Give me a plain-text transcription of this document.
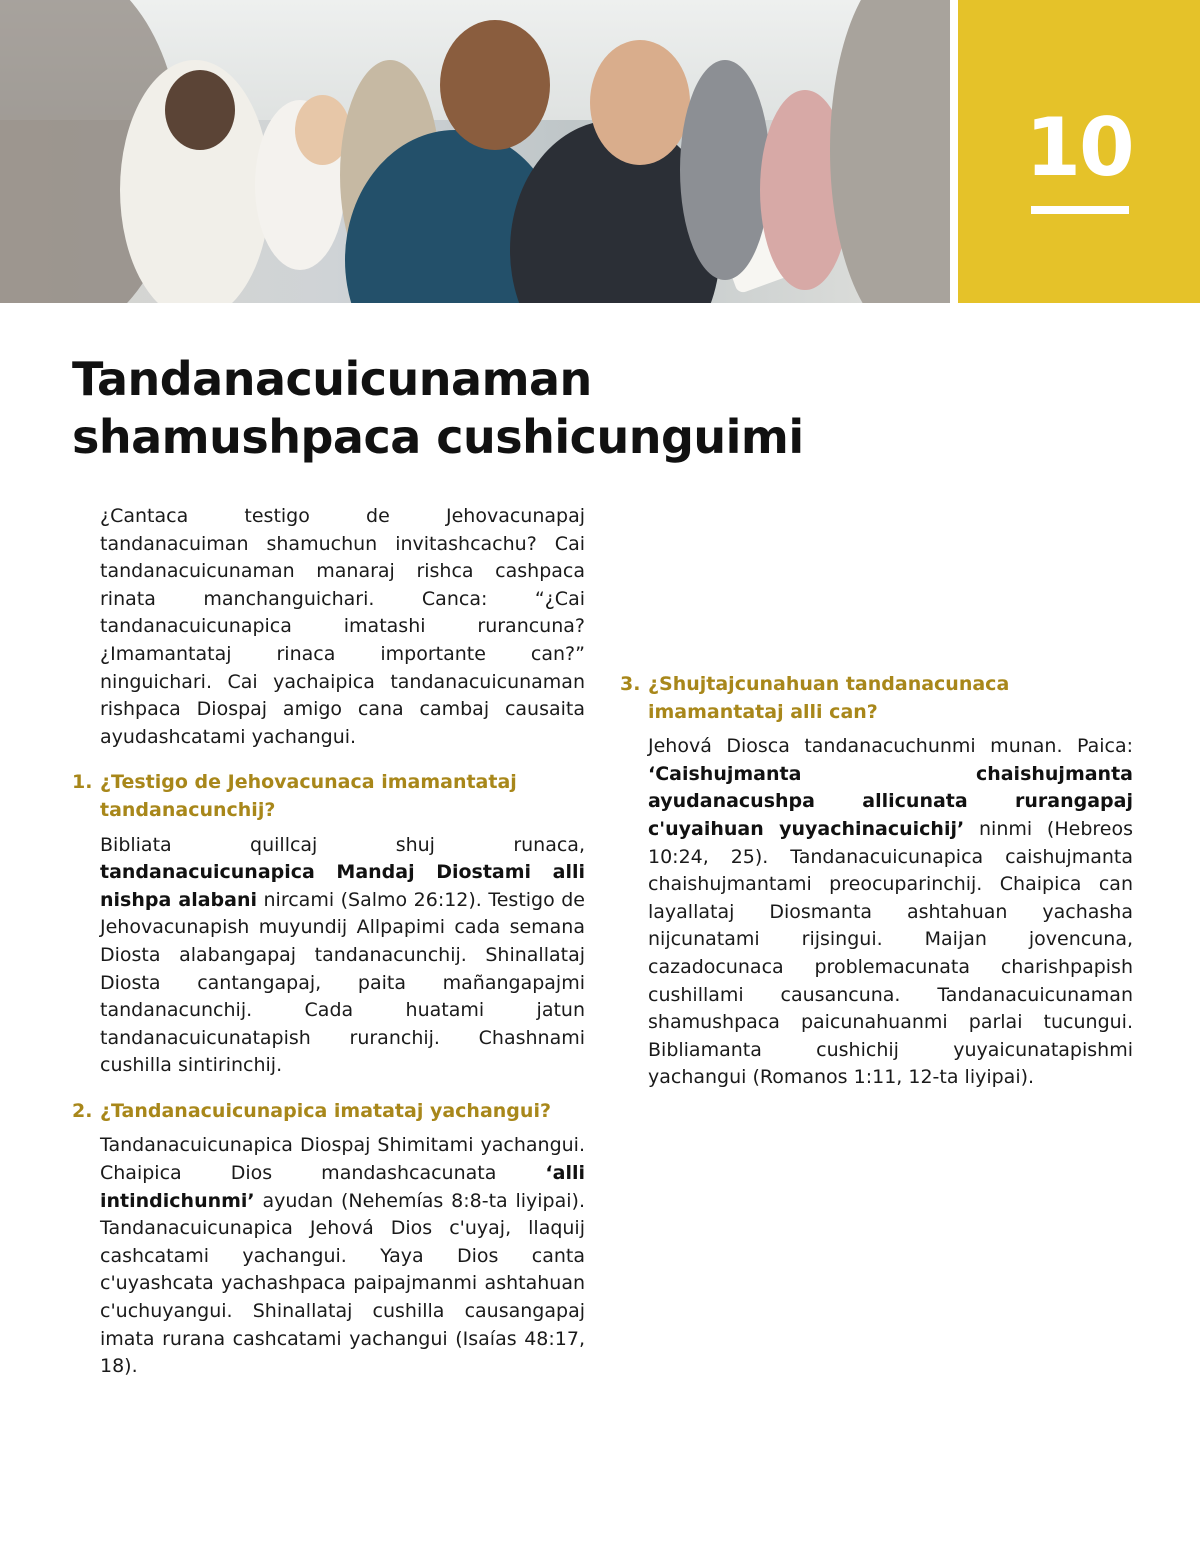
10
Tandanacuicunaman
shamushpaca cushicunguimi

¿Cantaca testigo de Jehovacunapaj tandanacuiman shamuchun invitashcachu? Cai tandanacuicunaman manaraj rishca cashpaca rinata manchanguichari. Canca: “¿Cai tandanacuicunapica imatashi rurancuna? ¿Imamantataj rinaca importante can?” ninguichari. Cai yachaipica tandanacuicunaman rishpaca Diospaj amigo cana cambaj causaita ayudashcatami yachangui.

1. ¿Testigo de Jehovacunaca imamantataj tandanacunchij?

Bibliata quillcaj shuj runaca, tandanacuicunapica Mandaj Diostami alli nishpa alabani nircami (Salmo 26:12). Testigo de Jehovacunapish muyundij Allpapimi cada semana Diosta alabangapaj tandanacunchij. Shinallataj Diosta cantangapaj, paita mañangapajmi tandanacunchij. Cada huatami jatun tandanacuicunatapish ruranchij. Chashnami cushilla sintirinchij.

2. ¿Tandanacuicunapica imatataj yachangui?

Tandanacuicunapica Diospaj Shimitami yachangui. Chaipica Dios mandashcacunata ‘alli intindichunmi’ ayudan (Nehemías 8:8-ta liyipai). Tandanacuicunapica Jehová Dios c'uyaj, llaquij cashcatami yachangui. Yaya Dios canta c'uyashcata yachashpaca paipajmanmi ashtahuan c'uchuyangui. Shinallataj cushilla causangapaj imata rurana cashcatami yachangui (Isaías 48:17, 18).

3. ¿Shujtajcunahuan tandanacunaca imamantataj alli can?

Jehová Diosca tandanacuchunmi munan. Paica: ‘Caishujmanta chaishujmanta ayudanacushpa allicunata rurangapaj c'uyaihuan yuyachinacuichij’ ninmi (Hebreos 10:24, 25). Tandanacuicunapica caishujmanta chaishujmantami preocuparinchij. Chaipica can layallataj Diosmanta ashtahuan yachasha nijcunatami rijsingui. Maijan jovencuna, cazadocunaca problemacunata charishpapish cushillami causancuna. Tandanacuicunaman shamushpaca paicunahuanmi parlai tucungui. Bibliamanta cushichij yuyaicunatapishmi yachangui (Romanos 1:11, 12-ta liyipai).
